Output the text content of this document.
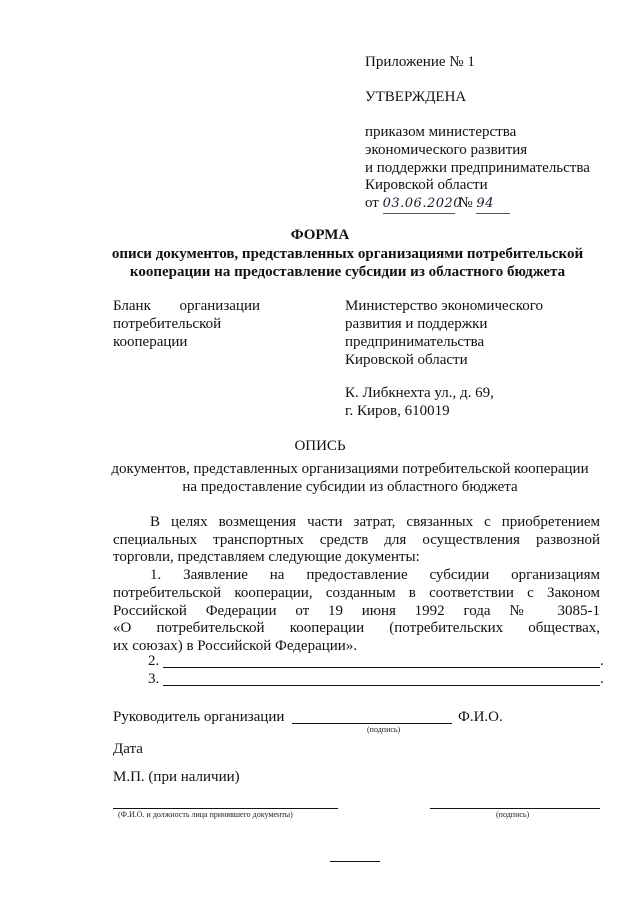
Приложение № 1
УТВЕРЖДЕНА
приказом министерства
экономического развития
и поддержки предпринимательства
Кировской области
от 03.06.2020 № 94
ФОРМА
описи документов, представленных организациями потребительской
кооперации на предоставление субсидии из областного бюджета
Бланк организации
потребительской
кооперации
Министерство экономического
развития и поддержки
предпринимательства
Кировской области
К. Либкнехта ул., д. 69,
г. Киров, 610019
ОПИСЬ
документов, представленных организациями потребительской кооперации
на предоставление субсидии из областного бюджета
В целях возмещения части затрат, связанных с приобретением
специальных транспортных средств для осуществления развозной
торговли, представляем следующие документы:
1.    Заявление    на    предоставление    субсидии    организациям
потребительской кооперации, созданным в соответствии с Законом
Российской Федерации от 19 июня 1992 года № 3085-1
«О потребительской кооперации (потребительских обществах,
их союзах) в Российской Федерации».
2.	.
3.	.
Руководитель организации	Ф.И.О.
(подпись)
Дата
М.П. (при наличии)
(Ф.И.О. и должность лица принявшего документы)	(подпись)
